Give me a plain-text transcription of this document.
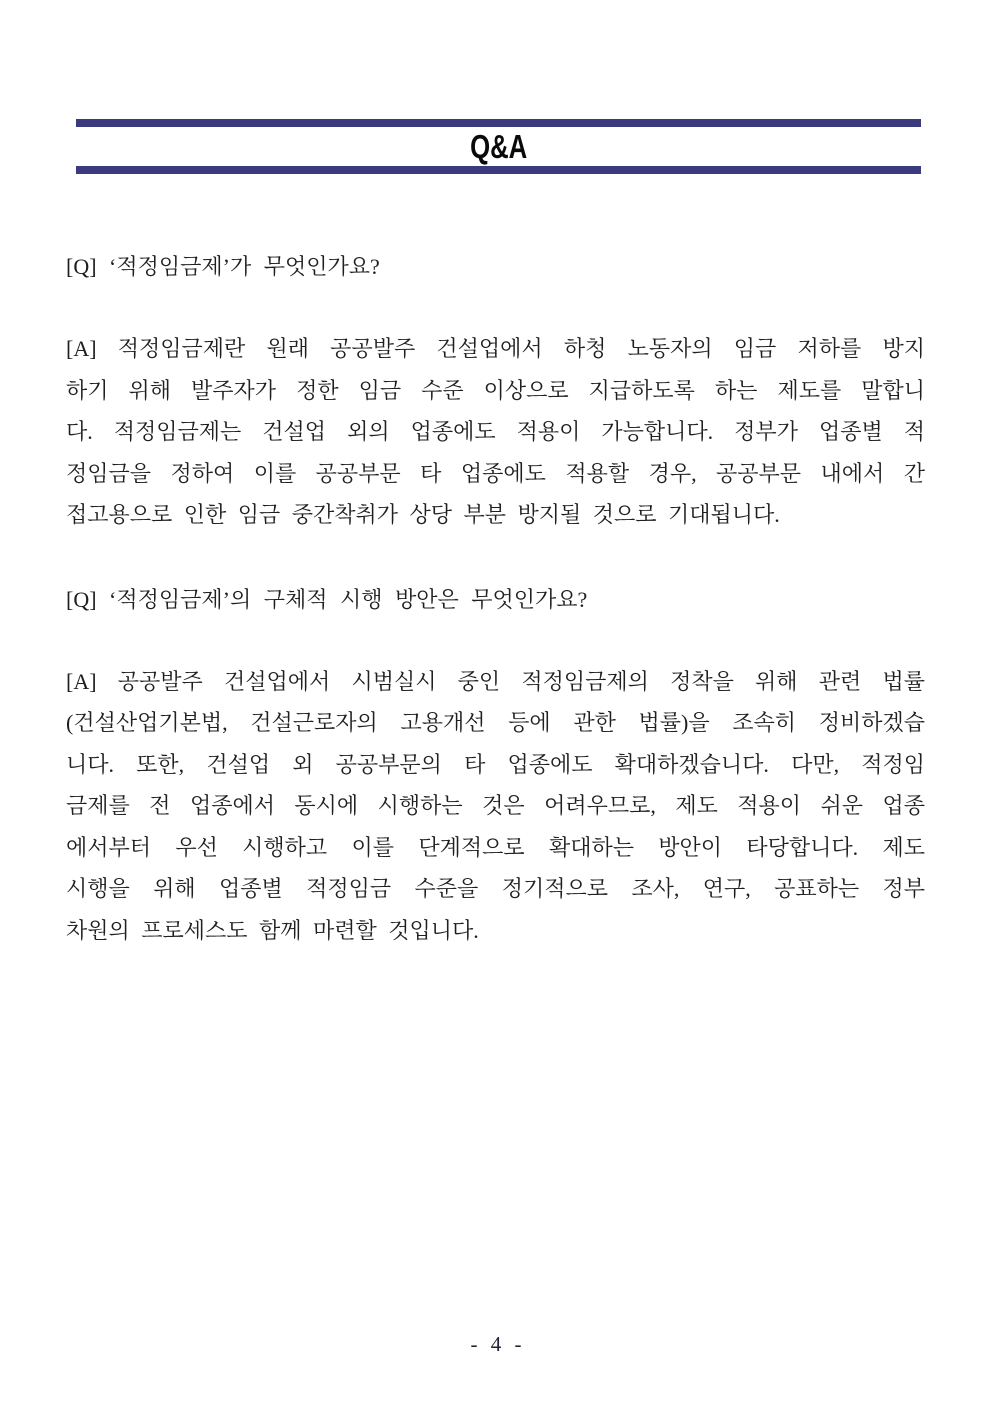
Q&A
[Q] ‘적정임금제’가 무엇인가요?
[A] 적정임금제란 원래 공공발주 건설업에서 하청 노동자의 임금 저하를 방지
하기 위해 발주자가 정한 임금 수준 이상으로 지급하도록 하는 제도를 말합니
다. 적정임금제는 건설업 외의 업종에도 적용이 가능합니다. 정부가 업종별 적
정임금을 정하여 이를 공공부문 타 업종에도 적용할 경우, 공공부문 내에서 간
접고용으로 인한 임금 중간착취가 상당 부분 방지될 것으로 기대됩니다.
[Q] ‘적정임금제’의 구체적 시행 방안은 무엇인가요?
[A] 공공발주 건설업에서 시범실시 중인 적정임금제의 정착을 위해 관련 법률
(건설산업기본법, 건설근로자의 고용개선 등에 관한 법률)을 조속히 정비하겠습
니다. 또한, 건설업 외 공공부문의 타 업종에도 확대하겠습니다. 다만, 적정임
금제를 전 업종에서 동시에 시행하는 것은 어려우므로, 제도 적용이 쉬운 업종
에서부터 우선 시행하고 이를 단계적으로 확대하는 방안이 타당합니다. 제도
시행을 위해 업종별 적정임금 수준을 정기적으로 조사, 연구, 공표하는 정부
차원의 프로세스도 함께 마련할 것입니다.
- 4 -
